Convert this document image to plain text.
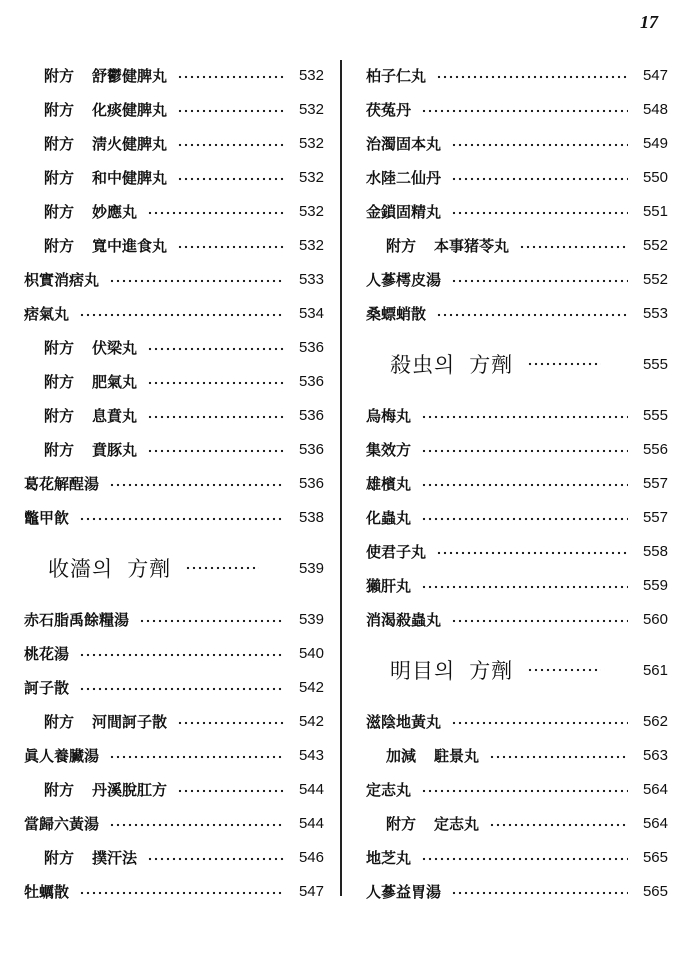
17
附方 舒鬱健脾丸	532
附方 化痰健脾丸	532
附方 淸火健脾丸	532
附方 和中健脾丸	532
附方 妙應丸	532
附方 寬中進食丸	532
枳實消痞丸	533
痞氣丸	534
附方 伏梁丸	536
附方 肥氣丸	536
附方 息賁丸	536
附方 賁豚丸	536
葛花解酲湯	536
鼈甲飮	538
收濇의 方劑	539
赤石脂禹餘糧湯	539
桃花湯	540
訶子散	542
附方 河間訶子散	542
眞人養臟湯	543
附方 丹溪脫肛方	544
當歸六黃湯	544
附方 撲汗法	546
牡蠣散	547
柏子仁丸	547
茯菟丹	548
治濁固本丸	549
水陸二仙丹	550
金鎖固精丸	551
附方 本事猪苓丸	552
人蔘樗皮湯	552
桑螵蛸散	553
殺虫의 方劑	555
烏梅丸	555
集效方	556
雄檳丸	557
化蟲丸	557
使君子丸	558
獺肝丸	559
消渴殺蟲丸	560
明目의 方劑	561
滋陰地黃丸	562
加減 駐景丸	563
定志丸	564
附方 定志丸	564
地芝丸	565
人蔘益胃湯	565
